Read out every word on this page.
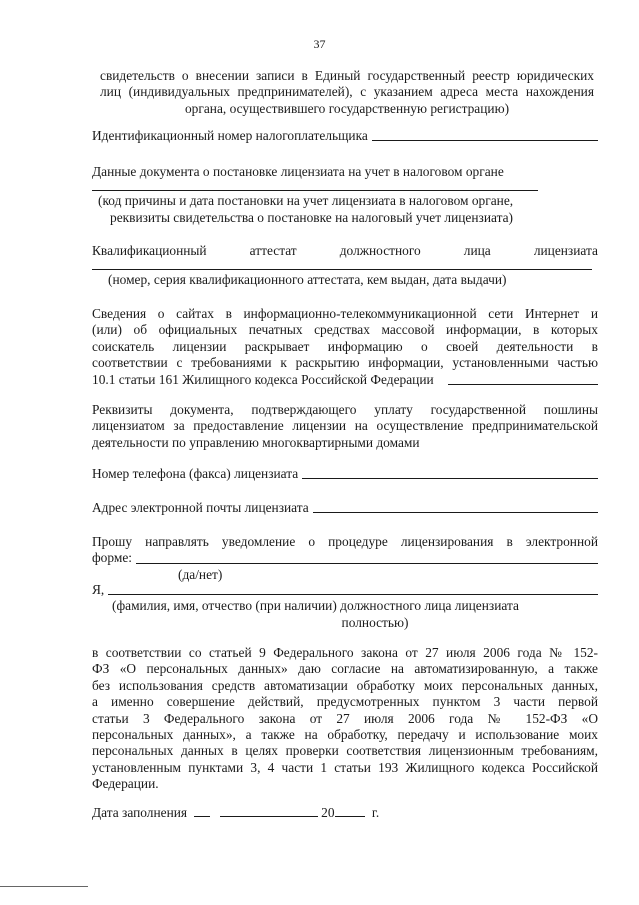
37
свидетельств о внесении записи в Единый государственный реестр юридических
лиц (индивидуальных предпринимателей), с указанием адреса места нахождения
органа, осуществившего государственную регистрацию)
Идентификационный номер налогоплательщика
Данные документа о постановке лицензиата на учет в налоговом органе
(код причины и дата постановки на учет лицензиата в налоговом органе,
реквизиты свидетельства о постановке на налоговый учет лицензиата)
Квалификационный	аттестат	должностного	лица	лицензиата
(номер, серия квалификационного аттестата, кем выдан, дата выдачи)
Сведения о сайтах в информационно-телекоммуникационной сети Интернет и
(или) об официальных печатных средствах массовой информации, в которых
соискатель лицензии раскрывает информацию о своей деятельности в
соответствии с требованиями к раскрытию информации, установленными частью
10.1 статьи 161 Жилищного кодекса Российской Федерации
Реквизиты документа, подтверждающего уплату государственной пошлины
лицензиатом за предоставление лицензии на осуществление предпринимательской
деятельности по управлению многоквартирными домами
Номер телефона (факса) лицензиата
Адрес электронной почты лицензиата
Прошу направлять уведомление о процедуре лицензирования в электронной
форме:
(да/нет)
Я,
(фамилия, имя, отчество (при наличии) должностного лица лицензиата
полностью)
в соответствии со статьей 9 Федерального закона от 27 июля 2006 года № 152-
ФЗ «О персональных данных» даю согласие на автоматизированную, а также
без использования средств автоматизации обработку моих персональных данных,
а именно совершение действий, предусмотренных пунктом 3 части первой
статьи 3 Федерального закона от 27 июля 2006 года № 152-ФЗ «О
персональных данных», а также на обработку, передачу и использование моих
персональных данных в целях проверки соответствия лицензионным требованиям,
установленным пунктами 3, 4 части 1 статьи 193 Жилищного кодекса Российской
Федерации.
Дата заполнения	20	г.
